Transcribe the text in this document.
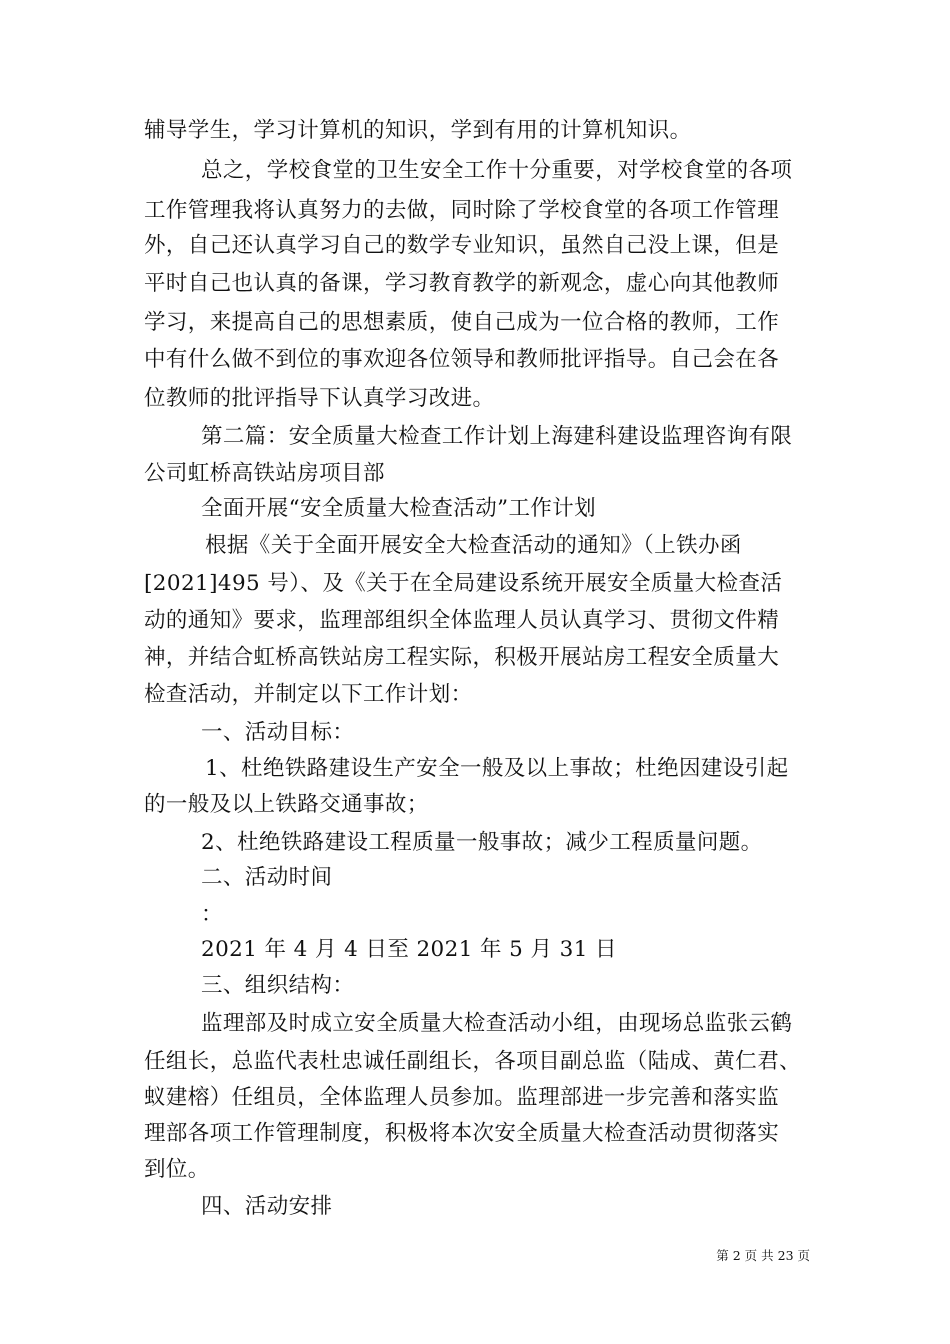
辅导学生，学习计算机的知识，学到有用的计算机知识。
总之，学校食堂的卫生安全工作十分重要，对学校食堂的各项
工作管理我将认真努力的去做，同时除了学校食堂的各项工作管理
外，自己还认真学习自己的数学专业知识，虽然自己没上课，但是
平时自己也认真的备课，学习教育教学的新观念，虚心向其他教师
学习，来提高自己的思想素质，使自己成为一位合格的教师，工作
中有什么做不到位的事欢迎各位领导和教师批评指导。自己会在各
位教师的批评指导下认真学习改进。
第二篇：安全质量大检查工作计划上海建科建设监理咨询有限
公司虹桥高铁站房项目部
全面开展“安全质量大检查活动”工作计划
根据《关于全面开展安全大检查活动的通知》（上铁办函
[2021]495 号）、及《关于在全局建设系统开展安全质量大检查活
动的通知》要求，监理部组织全体监理人员认真学习、贯彻文件精
神，并结合虹桥高铁站房工程实际，积极开展站房工程安全质量大
检查活动，并制定以下工作计划：
一、活动目标：
1、杜绝铁路建设生产安全一般及以上事故；杜绝因建设引起
的一般及以上铁路交通事故；
2、杜绝铁路建设工程质量一般事故；减少工程质量问题。
二、活动时间
：
2021 年 4 月 4 日至 2021 年 5 月 31 日
三、组织结构：
监理部及时成立安全质量大检查活动小组，由现场总监张云鹤
任组长，总监代表杜忠诚任副组长，各项目副总监（陆成、黄仁君、
蚁建榕）任组员，全体监理人员参加。监理部进一步完善和落实监
理部各项工作管理制度，积极将本次安全质量大检查活动贯彻落实
到位。
四、活动安排
第 2 页 共 23 页
